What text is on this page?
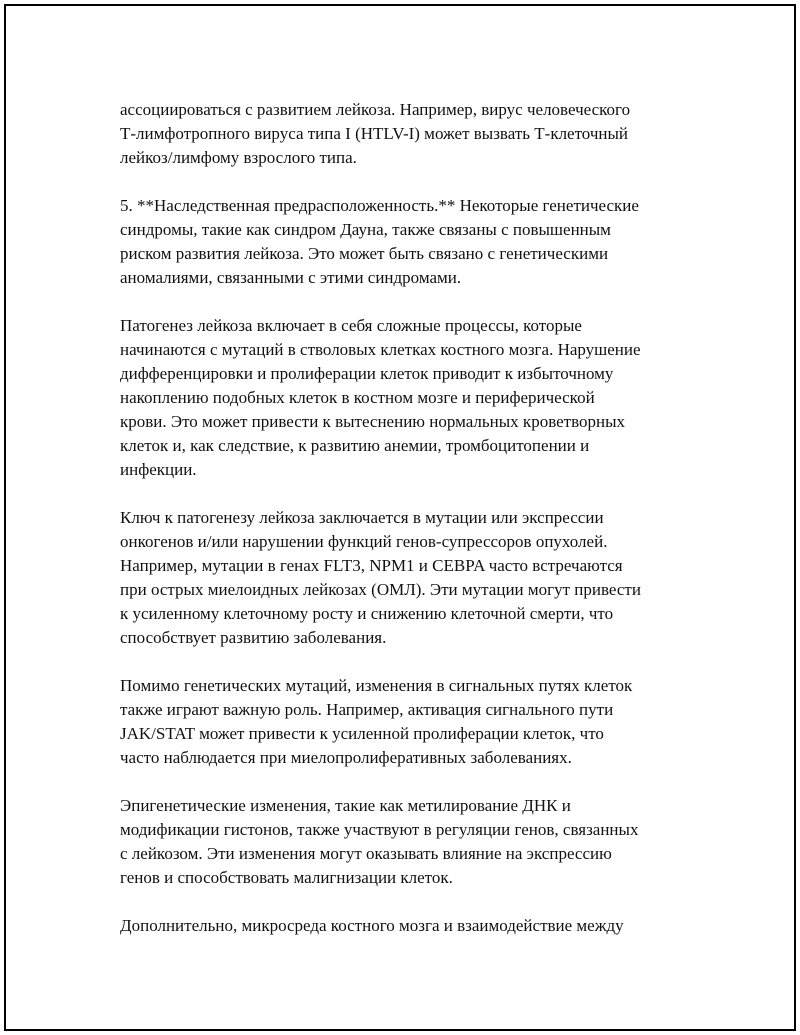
ассоциироваться с развитием лейкоза. Например, вирус человеческого
Т-лимфотропного вируса типа I (HTLV-I) может вызвать Т-клеточный
лейкоз/лимфому взрослого типа.

5. **Наследственная предрасположенность.** Некоторые генетические
синдромы, такие как синдром Дауна, также связаны с повышенным
риском развития лейкоза. Это может быть связано с генетическими
аномалиями, связанными с этими синдромами.

Патогенез лейкоза включает в себя сложные процессы, которые
начинаются с мутаций в стволовых клетках костного мозга. Нарушение
дифференцировки и пролиферации клеток приводит к избыточному
накоплению подобных клеток в костном мозге и периферической
крови. Это может привести к вытеснению нормальных кроветворных
клеток и, как следствие, к развитию анемии, тромбоцитопении и
инфекции.

Ключ к патогенезу лейкоза заключается в мутации или экспрессии
онкогенов и/или нарушении функций генов-супрессоров опухолей.
Например, мутации в генах FLT3, NPM1 и CEBPA часто встречаются
при острых миелоидных лейкозах (ОМЛ). Эти мутации могут привести
к усиленному клеточному росту и снижению клеточной смерти, что
способствует развитию заболевания.

Помимо генетических мутаций, изменения в сигнальных путях клеток
также играют важную роль. Например, активация сигнального пути
JAK/STAT может привести к усиленной пролиферации клеток, что
часто наблюдается при миелопролиферативных заболеваниях.

Эпигенетические изменения, такие как метилирование ДНК и
модификации гистонов, также участвуют в регуляции генов, связанных
с лейкозом. Эти изменения могут оказывать влияние на экспрессию
генов и способствовать малигнизации клеток.

Дополнительно, микросреда костного мозга и взаимодействие между
